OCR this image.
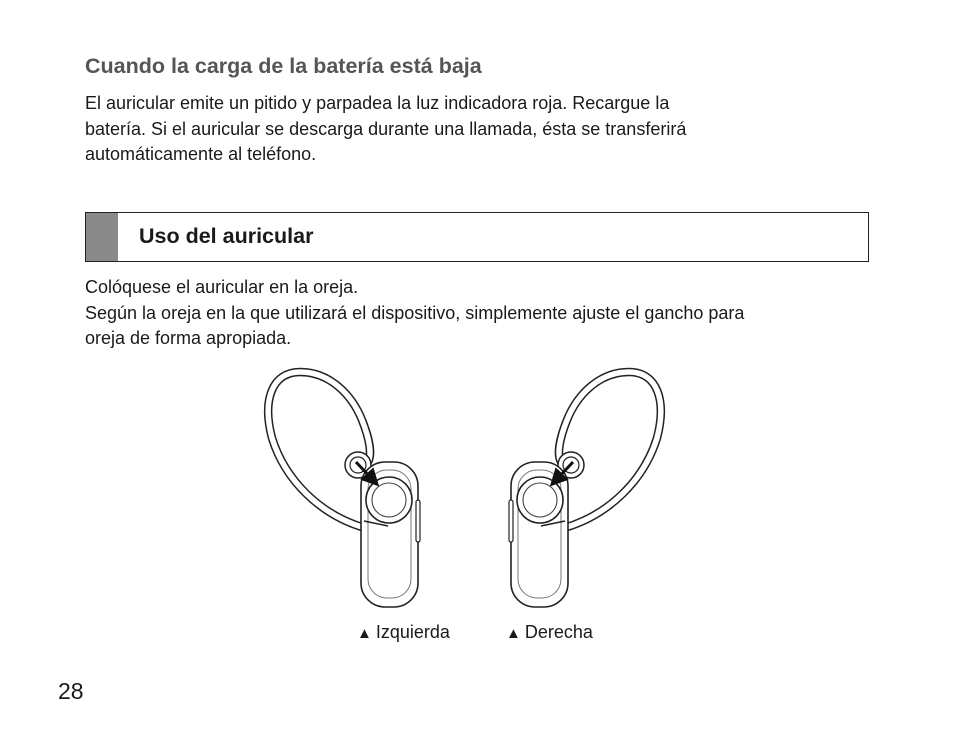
Cuando la carga de la batería está baja

El auricular emite un pitido y parpadea la luz indicadora roja. Recargue la
batería. Si el auricular se descarga durante una llamada, ésta se transferirá
automáticamente al teléfono.

Uso del auricular

Colóquese el auricular en la oreja.
Según la oreja en la que utilizará el dispositivo, simplemente ajuste el gancho para
oreja de forma apropiada.

▲ Izquierda	▲ Derecha
28
